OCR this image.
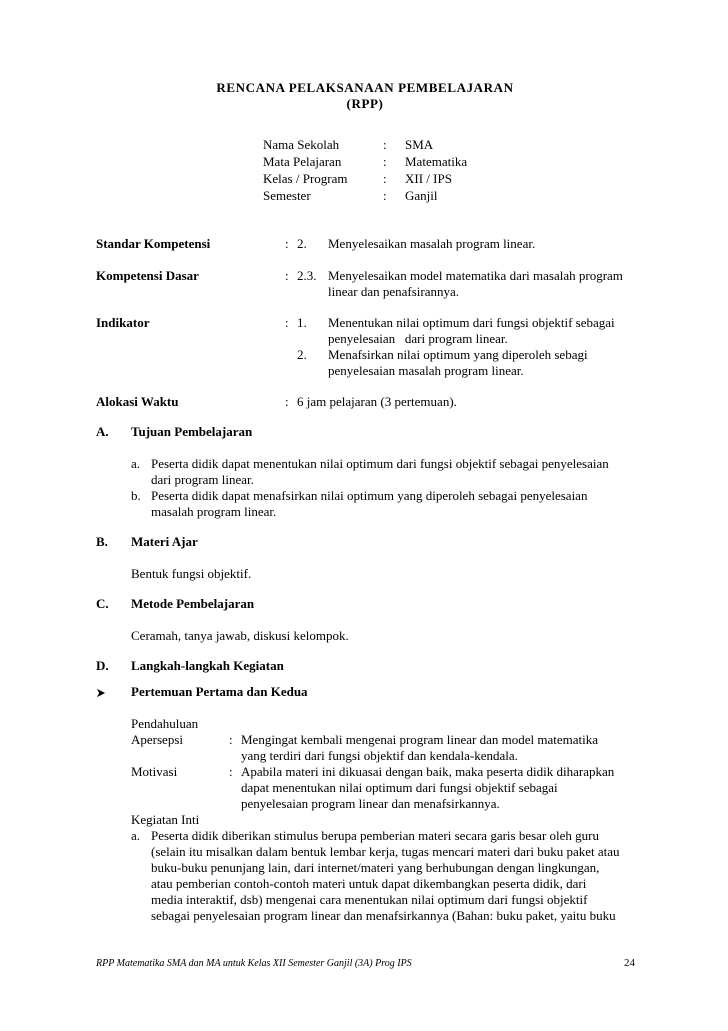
RENCANA PELAKSANAAN PEMBELAJARAN
(RPP)
Nama Sekolah	: SMA
Mata Pelajaran	: Matematika
Kelas / Program	: XII / IPS
Semester	: Ganjil
Standar Kompetensi	: 2. Menyelesaikan masalah program linear.
Kompetensi Dasar	: 2.3. Menyelesaikan model matematika dari masalah program
linear dan penafsirannya.
Indikator	: 1. Menentukan nilai optimum dari fungsi objektif sebagai
penyelesaian   dari program linear.
2. Menafsirkan nilai optimum yang diperoleh sebagi
penyelesaian masalah program linear.
Alokasi Waktu	: 6 jam pelajaran (3 pertemuan).
A. Tujuan Pembelajaran
a. Peserta didik dapat menentukan nilai optimum dari fungsi objektif sebagai penyelesaian
dari program linear.
b. Peserta didik dapat menafsirkan nilai optimum yang diperoleh sebagai penyelesaian
masalah program linear.
B. Materi Ajar
Bentuk fungsi objektif.
C. Metode Pembelajaran
Ceramah, tanya jawab, diskusi kelompok.
D. Langkah-langkah Kegiatan
Pertemuan Pertama dan Kedua
Pendahuluan
Apersepsi	: Mengingat kembali mengenai program linear dan model matematika
yang terdiri dari fungsi objektif dan kendala-kendala.
Motivasi	: Apabila materi ini dikuasai dengan baik, maka peserta didik diharapkan
dapat menentukan nilai optimum dari fungsi objektif sebagai
penyelesaian program linear dan menafsirkannya.
Kegiatan Inti
a. Peserta didik diberikan stimulus berupa pemberian materi secara garis besar oleh guru
(selain itu misalkan dalam bentuk lembar kerja, tugas mencari materi dari buku paket atau
buku-buku penunjang lain, dari internet/materi yang berhubungan dengan lingkungan,
atau pemberian contoh-contoh materi untuk dapat dikembangkan peserta didik, dari
media interaktif, dsb) mengenai cara menentukan nilai optimum dari fungsi objektif
sebagai penyelesaian program linear dan menafsirkannya (Bahan: buku paket, yaitu buku
RPP Matematika SMA dan MA untuk Kelas XII Semester Ganjil (3A) Prog IPS	24
